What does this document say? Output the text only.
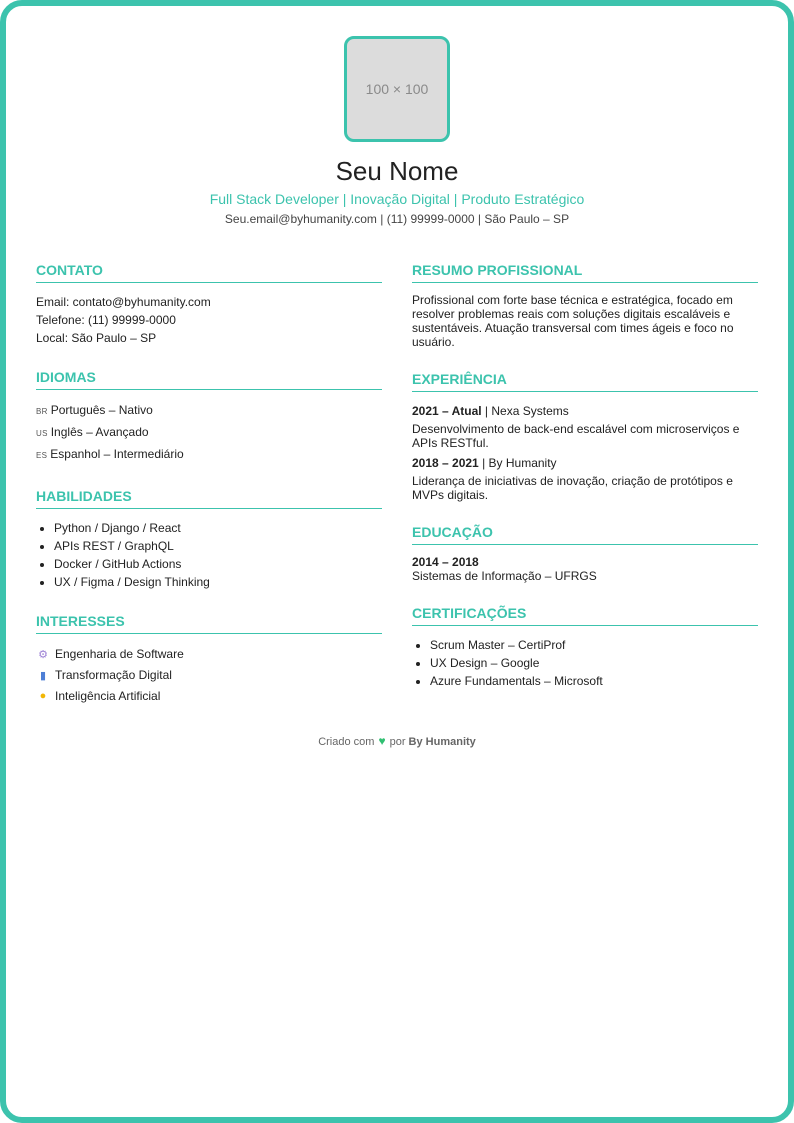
100 × 100
Seu Nome
Full Stack Developer | Inovação Digital | Produto Estratégico
Seu.email@byhumanity.com | (11) 99999-0000 | São Paulo – SP
CONTATO
Email: contato@byhumanity.com
Telefone: (11) 99999-0000
Local: São Paulo – SP
IDIOMAS
BR Português – Nativo
US Inglês – Avançado
ES Espanhol – Intermediário
HABILIDADES
• Python / Django / React
• APIs REST / GraphQL
• Docker / GitHub Actions
• UX / Figma / Design Thinking
INTERESSES
⚙ Engenharia de Software
▮ Transformação Digital
● Inteligência Artificial
RESUMO PROFISSIONAL

Profissional com forte base técnica e estratégica, focado em resolver problemas reais com soluções digitais escaláveis e sustentáveis. Atuação transversal com times ágeis e foco no usuário.

EXPERIÊNCIA
2021 – Atual | Nexa Systems

Desenvolvimento de back-end escalável com microserviços e APIs RESTful.

2018 – 2021 | By Humanity

Liderança de iniciativas de inovação, criação de protótipos e MVPs digitais.

EDUCAÇÃO
2014 – 2018
Sistemas de Informação – UFRGS
CERTIFICAÇÕES
• Scrum Master – CertiProf
• UX Design – Google
• Azure Fundamentals – Microsoft
Criado com ♥ por By Humanity
